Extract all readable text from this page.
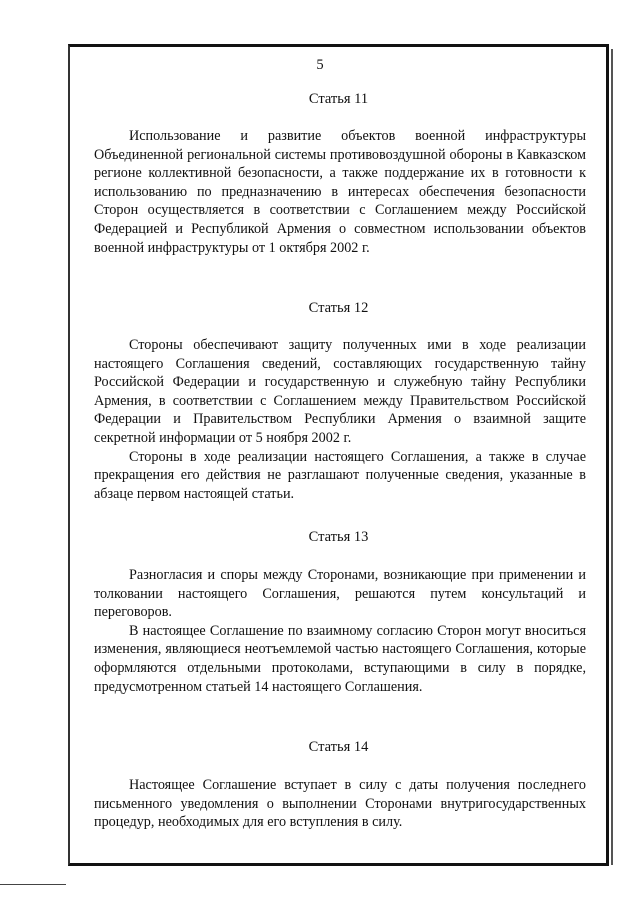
5
Статья 11

Использование и развитие объектов военной инфраструктуры Объединенной региональной системы противовоздушной обороны в Кавказском регионе коллективной безопасности, а также поддержание их в готовности к использованию по предназначению в интересах обеспечения безопасности Сторон осуществляется в соответствии с Соглашением между Российской Федерацией и Республикой Армения о совместном использовании объектов военной инфраструктуры от 1 октября 2002 г.

Статья 12

Стороны обеспечивают защиту полученных ими в ходе реализации настоящего Соглашения сведений, составляющих государственную тайну Российской Федерации и государственную и служебную тайну Республики Армения, в соответствии с Соглашением между Правительством Российской Федерации и Правительством Республики Армения о взаимной защите секретной информации от 5 ноября 2002 г.

Стороны в ходе реализации настоящего Соглашения, а также в случае прекращения его действия не разглашают полученные сведения, указанные в абзаце первом настоящей статьи.

Статья 13

Разногласия и споры между Сторонами, возникающие при применении и толковании настоящего Соглашения, решаются путем консультаций и переговоров.

В настоящее Соглашение по взаимному согласию Сторон могут вноситься изменения, являющиеся неотъемлемой частью настоящего Соглашения, которые оформляются отдельными протоколами, вступающими в силу в порядке, предусмотренном статьей 14 настоящего Соглашения.

Статья 14

Настоящее Соглашение вступает в силу с даты получения последнего письменного уведомления о выполнении Сторонами внутригосударственных процедур, необходимых для его вступления в силу.
